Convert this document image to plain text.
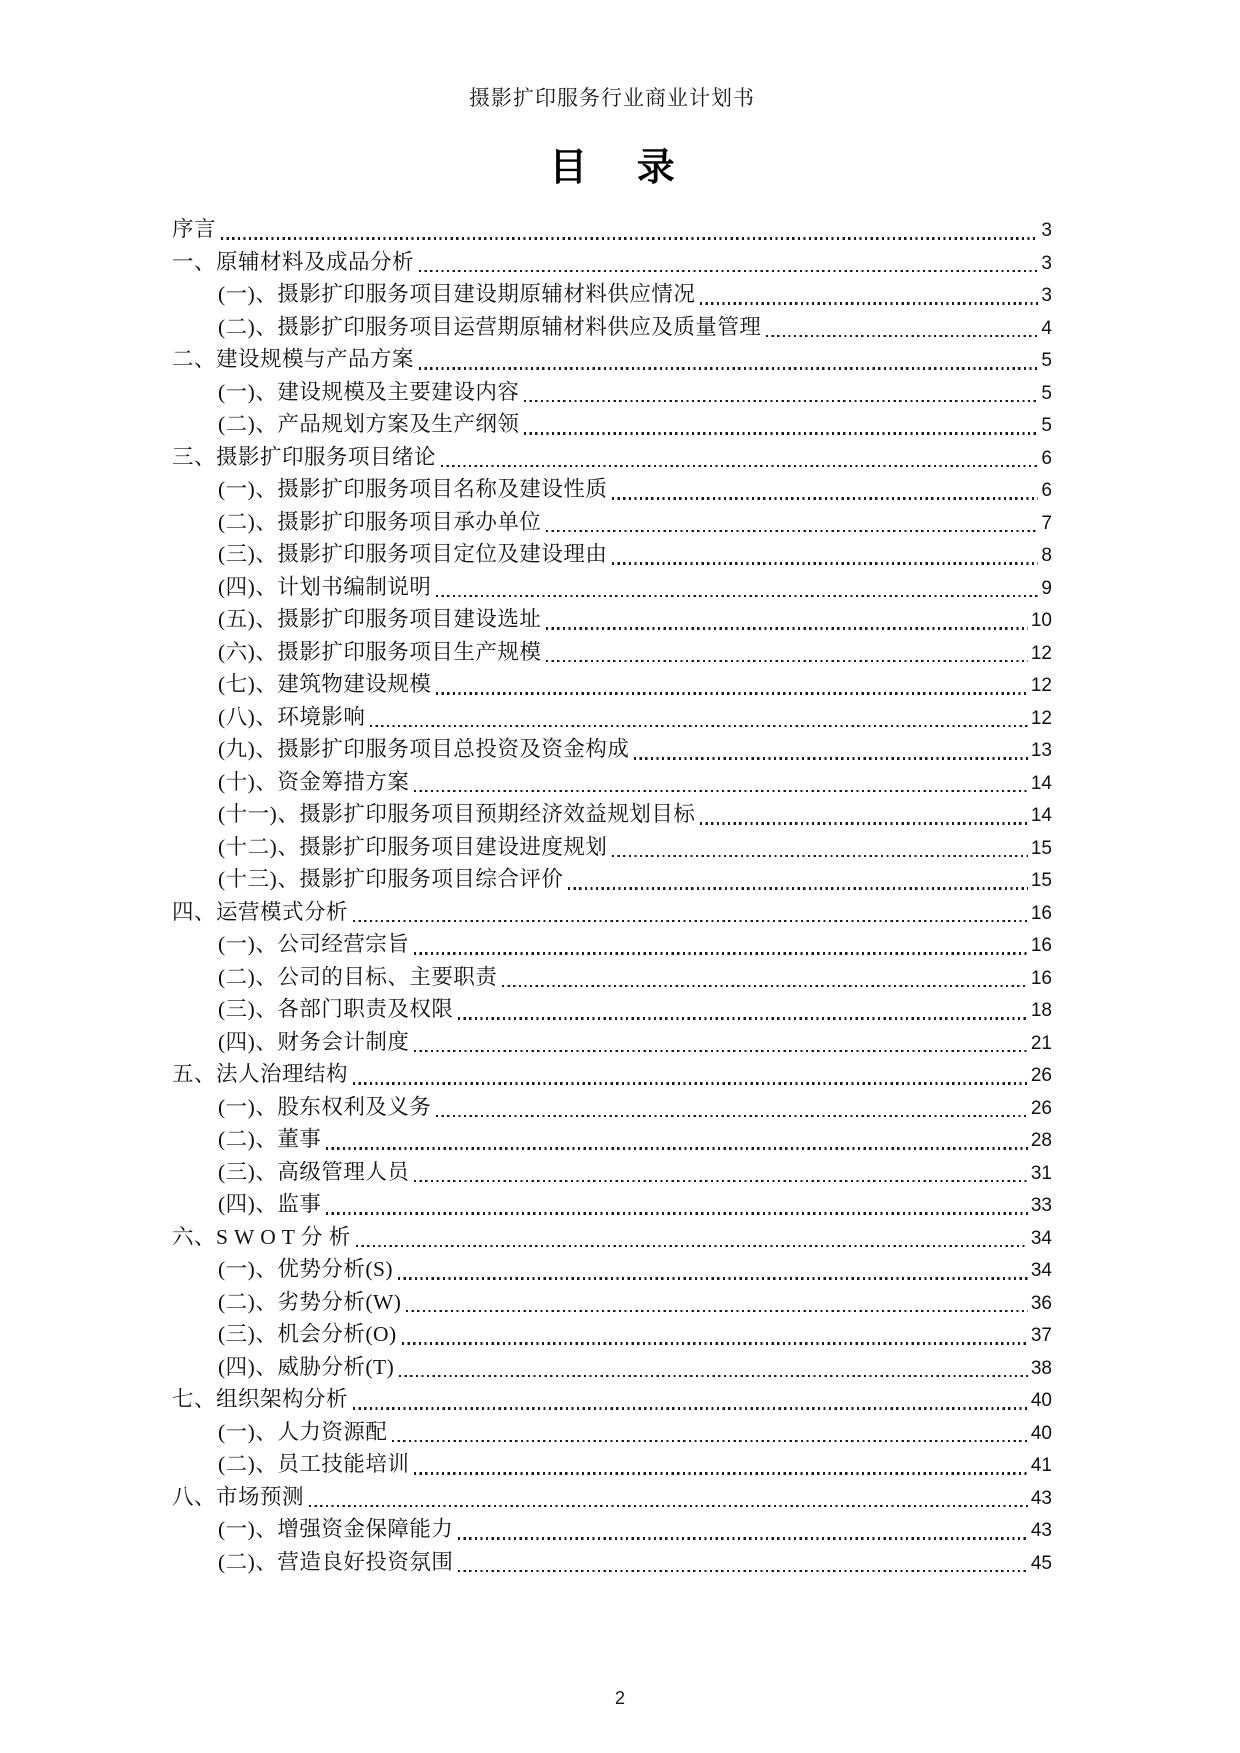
摄影扩印服务行业商业计划书
目 录
序言	3
一、原辅材料及成品分析	3
(一)、摄影扩印服务项目建设期原辅材料供应情况	3
(二)、摄影扩印服务项目运营期原辅材料供应及质量管理	4
二、建设规模与产品方案	5
(一)、建设规模及主要建设内容	5
(二)、产品规划方案及生产纲领	5
三、摄影扩印服务项目绪论	6
(一)、摄影扩印服务项目名称及建设性质	6
(二)、摄影扩印服务项目承办单位	7
(三)、摄影扩印服务项目定位及建设理由	8
(四)、计划书编制说明	9
(五)、摄影扩印服务项目建设选址	10
(六)、摄影扩印服务项目生产规模	12
(七)、建筑物建设规模	12
(八)、环境影响	12
(九)、摄影扩印服务项目总投资及资金构成	13
(十)、资金筹措方案	14
(十一)、摄影扩印服务项目预期经济效益规划目标	14
(十二)、摄影扩印服务项目建设进度规划	15
(十三)、摄影扩印服务项目综合评价	15
四、运营模式分析	16
(一)、公司经营宗旨	16
(二)、公司的目标、主要职责	16
(三)、各部门职责及权限	18
(四)、财务会计制度	21
五、法人治理结构	26
(一)、股东权利及义务	26
(二)、董事	28
(三)、高级管理人员	31
(四)、监事	33
六、S W O T 分 析	34
(一)、优势分析(S)	34
(二)、劣势分析(W)	36
(三)、机会分析(O)	37
(四)、威胁分析(T)	38
七、组织架构分析	40
(一)、人力资源配	40
(二)、员工技能培训	41
八、市场预测	43
(一)、增强资金保障能力	43
(二)、营造良好投资氛围	45
2
